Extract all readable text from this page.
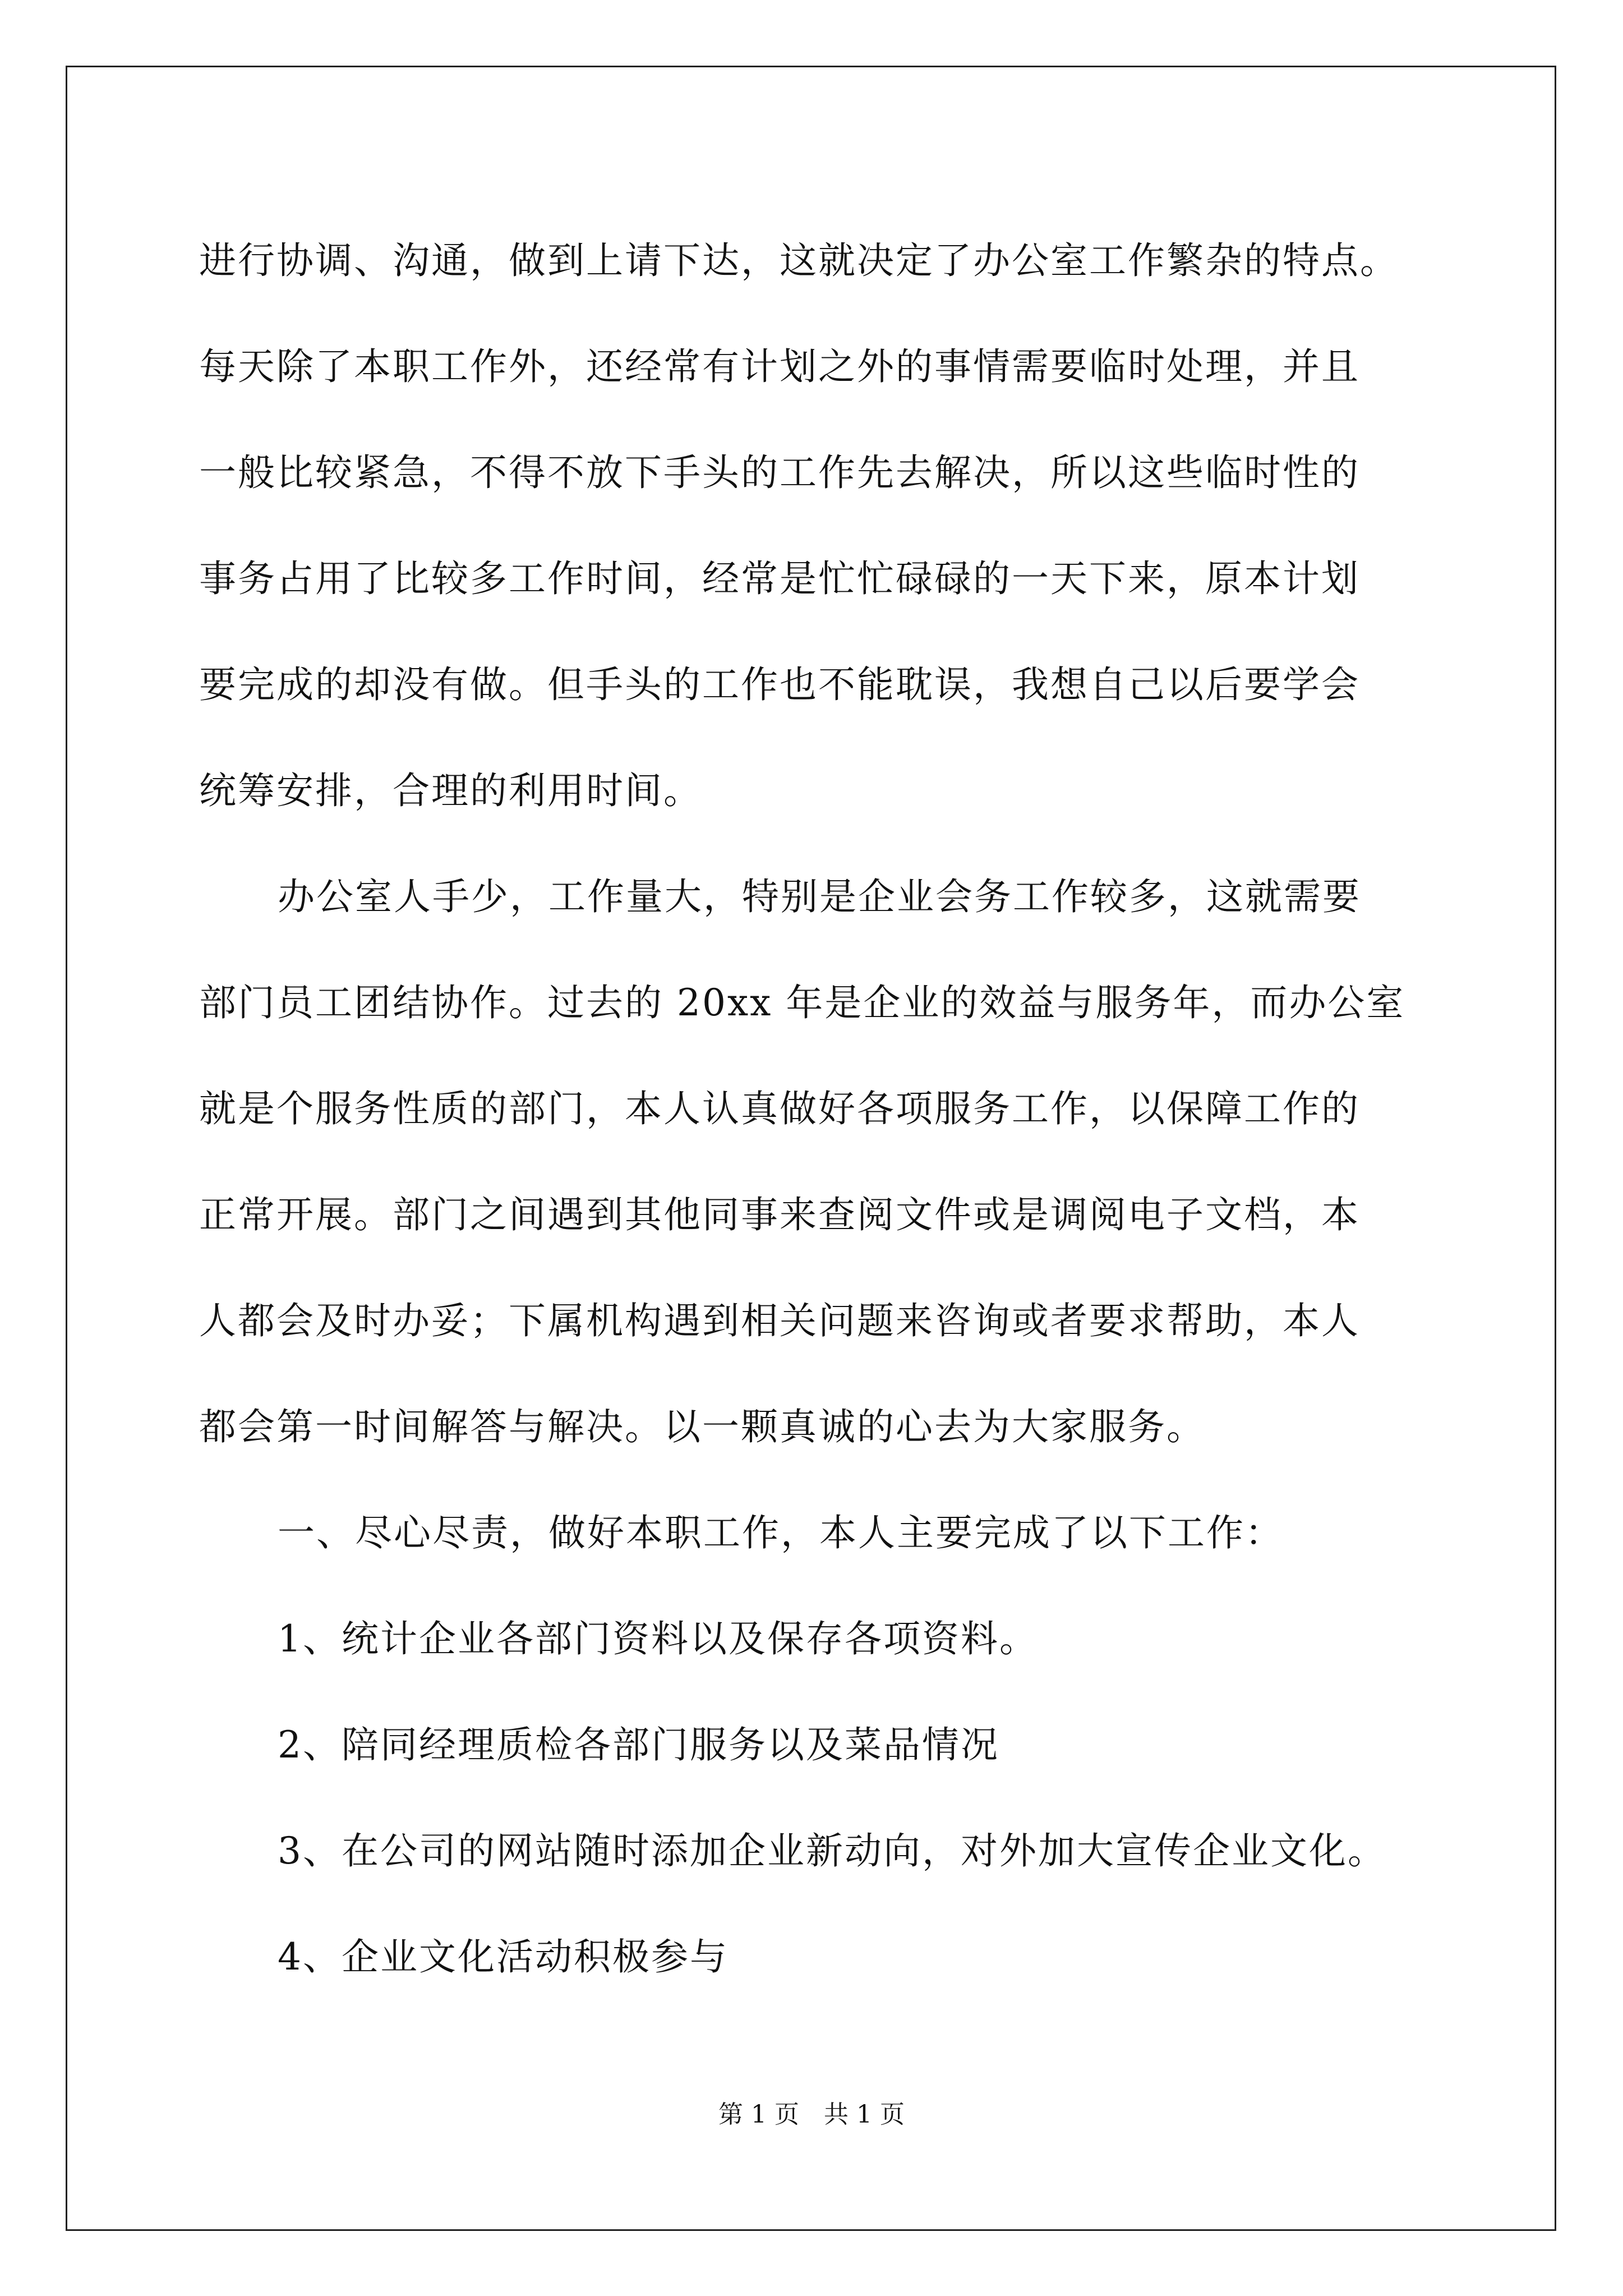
进行协调、沟通，做到上请下达，这就决定了办公室工作繁杂的特点。

每天除了本职工作外，还经常有计划之外的事情需要临时处理，并且

一般比较紧急，不得不放下手头的工作先去解决，所以这些临时性的

事务占用了比较多工作时间，经常是忙忙碌碌的一天下来，原本计划

要完成的却没有做。但手头的工作也不能耽误，我想自己以后要学会

统筹安排，合理的利用时间。

办公室人手少，工作量大，特别是企业会务工作较多，这就需要

部门员工团结协作。过去的 20xx 年是企业的效益与服务年，而办公室

就是个服务性质的部门，本人认真做好各项服务工作，以保障工作的

正常开展。部门之间遇到其他同事来查阅文件或是调阅电子文档，本

人都会及时办妥；下属机构遇到相关问题来咨询或者要求帮助，本人

都会第一时间解答与解决。以一颗真诚的心去为大家服务。

一、尽心尽责，做好本职工作，本人主要完成了以下工作：

1、统计企业各部门资料以及保存各项资料。

2、陪同经理质检各部门服务以及菜品情况

3、在公司的网站随时添加企业新动向，对外加大宣传企业文化。

4、企业文化活动积极参与

第 1 页　共 1 页
